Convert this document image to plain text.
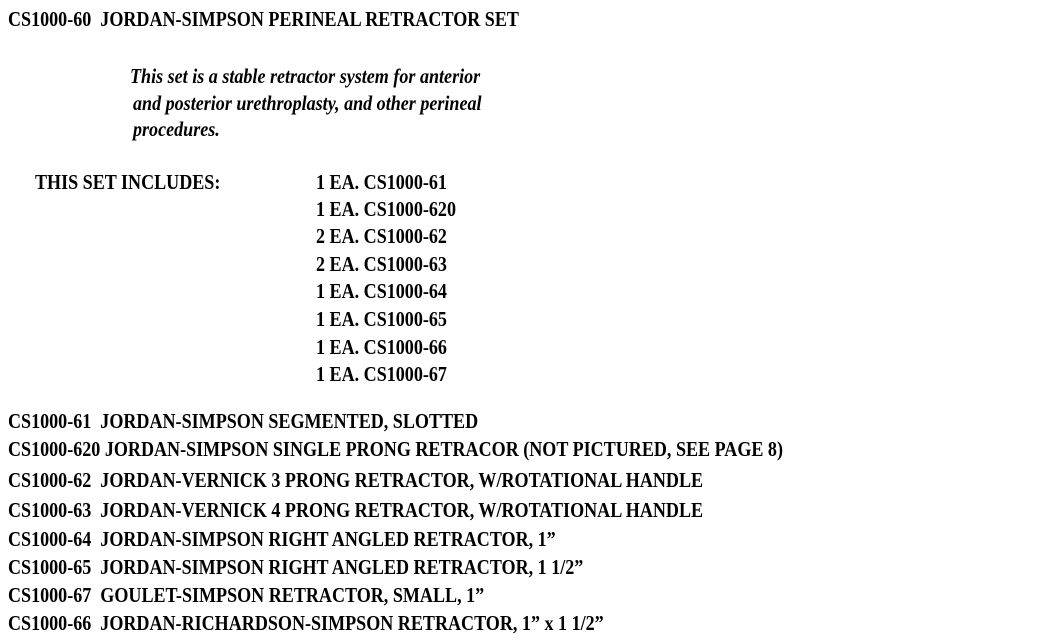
CS1000-60  JORDAN-SIMPSON PERINEAL RETRACTOR SET
This set is a stable retractor system for anterior
and posterior urethroplasty, and other perineal
procedures.
THIS SET INCLUDES:	1 EA. CS1000-61
1 EA. CS1000-620
2 EA. CS1000-62
2 EA. CS1000-63
1 EA. CS1000-64
1 EA. CS1000-65
1 EA. CS1000-66
1 EA. CS1000-67
CS1000-61  JORDAN-SIMPSON SEGMENTED, SLOTTED
CS1000-620 JORDAN-SIMPSON SINGLE PRONG RETRACOR (NOT PICTURED, SEE PAGE 8)
CS1000-62  JORDAN-VERNICK 3 PRONG RETRACTOR, W/ROTATIONAL HANDLE
CS1000-63  JORDAN-VERNICK 4 PRONG RETRACTOR, W/ROTATIONAL HANDLE
CS1000-64  JORDAN-SIMPSON RIGHT ANGLED RETRACTOR, 1”
CS1000-65  JORDAN-SIMPSON RIGHT ANGLED RETRACTOR, 1 1/2”
CS1000-67  GOULET-SIMPSON RETRACTOR, SMALL, 1”
CS1000-66  JORDAN-RICHARDSON-SIMPSON RETRACTOR, 1” x 1 1/2”
